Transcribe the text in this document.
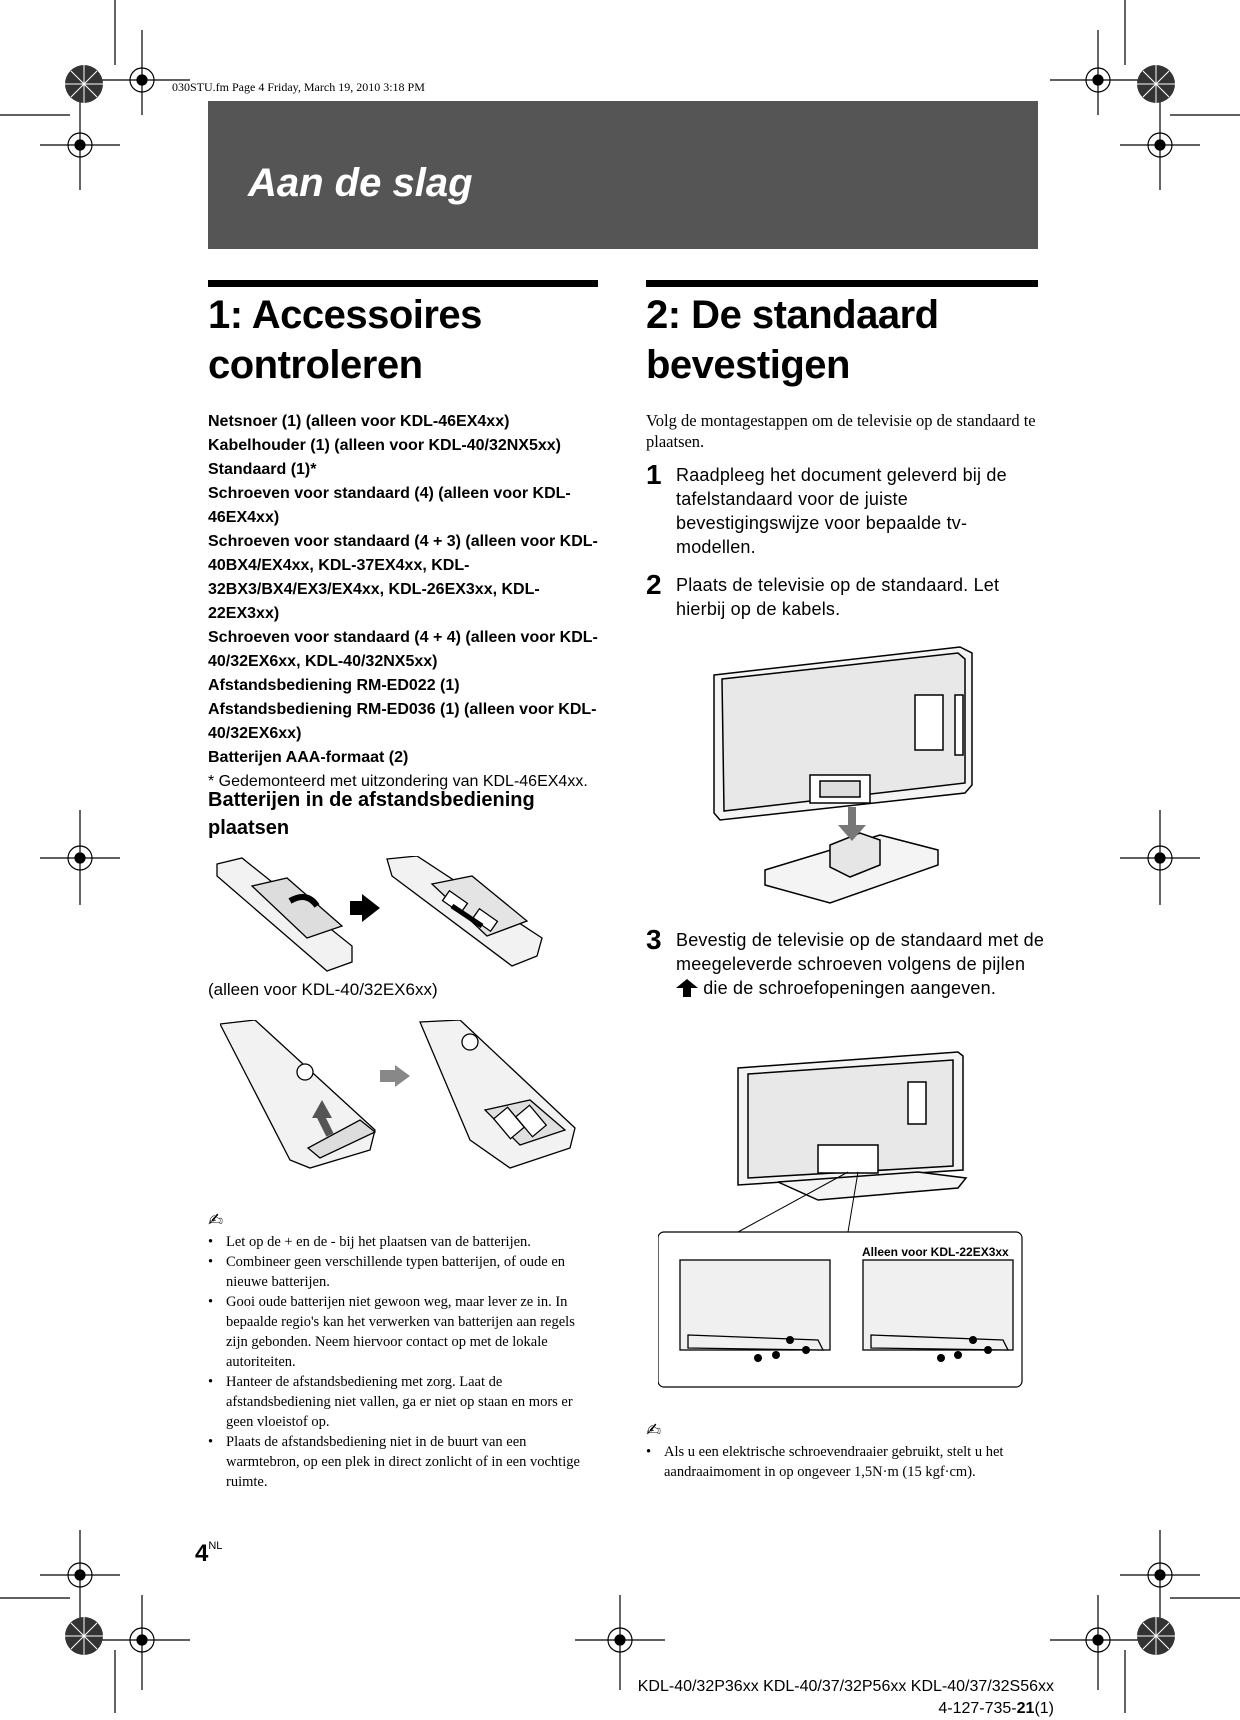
030STU.fm Page 4 Friday, March 19, 2010 3:18 PM
Aan de slag
1: Accessoires
controleren
Netsnoer (1) (alleen voor KDL-46EX4xx)
Kabelhouder (1) (alleen voor KDL-40/32NX5xx)
Standaard (1)*
Schroeven voor standaard (4) (alleen voor KDL-46EX4xx)
Schroeven voor standaard (4 + 3) (alleen voor KDL-40BX4/EX4xx, KDL-37EX4xx, KDL-32BX3/BX4/EX3/EX4xx, KDL-26EX3xx, KDL-22EX3xx)
Schroeven voor standaard (4 + 4) (alleen voor KDL-40/32EX6xx, KDL-40/32NX5xx)
Afstandsbediening RM-ED022 (1)
Afstandsbediening RM-ED036 (1) (alleen voor KDL-40/32EX6xx)
Batterijen AAA-formaat (2)
* Gedemonteerd met uitzondering van KDL-46EX4xx.
Batterijen in de afstandsbediening plaatsen
(alleen voor KDL-40/32EX6xx)
✍
• Let op de + en de - bij het plaatsen van de batterijen.
• Combineer geen verschillende typen batterijen, of oude en nieuwe batterijen.
• Gooi oude batterijen niet gewoon weg, maar lever ze in. In bepaalde regio's kan het verwerken van batterijen aan regels zijn gebonden. Neem hiervoor contact op met de lokale autoriteiten.
• Hanteer de afstandsbediening met zorg. Laat de afstandsbediening niet vallen, ga er niet op staan en mors er geen vloeistof op.
• Plaats de afstandsbediening niet in de buurt van een warmtebron, op een plek in direct zonlicht of in een vochtige ruimte.
2: De standaard
bevestigen

Volg de montagestappen om de televisie op de standaard te plaatsen.

1 Raadpleeg het document geleverd bij de tafelstandaard voor de juiste bevestigingswijze voor bepaalde tv-modellen.
2 Plaats de televisie op de standaard. Let hierbij op de kabels.
3 Bevestig de televisie op de standaard met de meegeleverde schroeven volgens de pijlen  die de schroefopeningen aangeven.
Alleen voor KDL-22EX3xx
✍
• Als u een elektrische schroevendraaier gebruikt, stelt u het aandraaimoment in op ongeveer 1,5N·m (15 kgf·cm).
$4^{NL}$
KDL-40/32P36xx KDL-40/37/32P56xx KDL-40/37/32S56xx
4-127-735-21(1)
